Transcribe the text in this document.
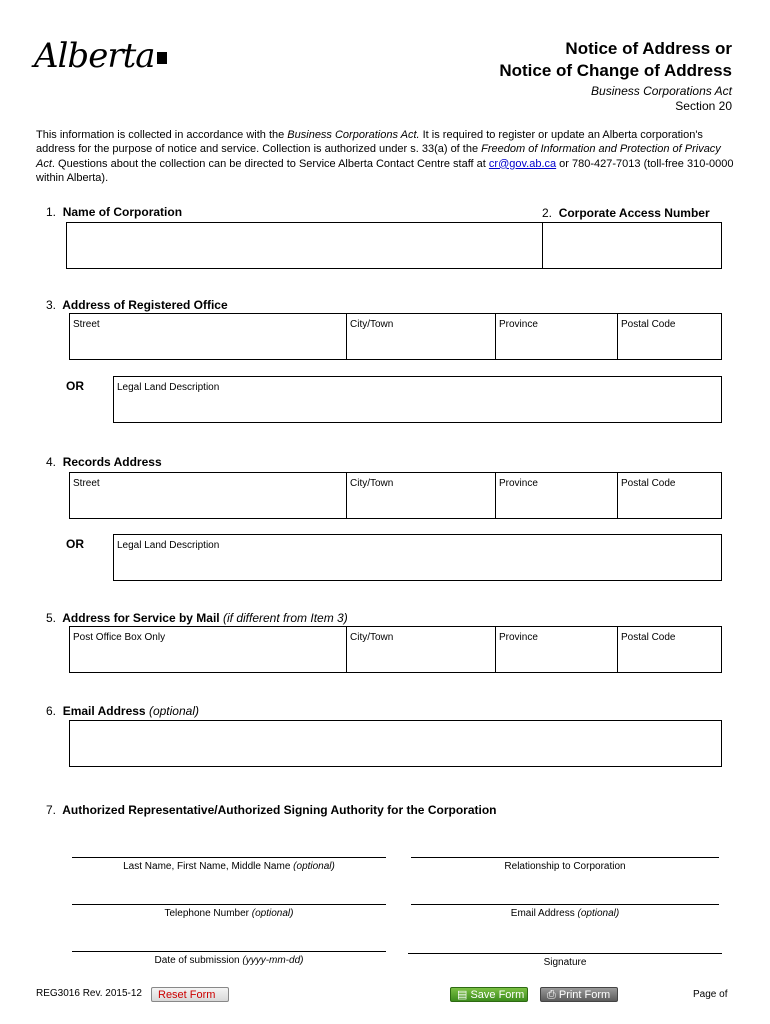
Alberta	Notice of Address or
Notice of Change of Address
Business Corporations Act
Section 20
This information is collected in accordance with the Business Corporations Act. It is required to register or update an Alberta corporation's address for the purpose of notice and service. Collection is authorized under s. 33(a) of the Freedom of Information and Protection of Privacy Act. Questions about the collection can be directed to Service Alberta Contact Centre staff at cr@gov.ab.ca or 780-427-7013 (toll-free 310-0000 within Alberta).
1. Name of Corporation	2. Corporate Access Number
3. Address of Registered Office
Street	City/Town	Province	Postal Code
OR	Legal Land Description
4. Records Address
Street	City/Town	Province	Postal Code
OR	Legal Land Description
5. Address for Service by Mail (if different from Item 3)
Post Office Box Only	City/Town	Province	Postal Code
6. Email Address (optional)
7. Authorized Representative/Authorized Signing Authority for the Corporation
Last Name, First Name, Middle Name (optional)	Relationship to Corporation
Telephone Number (optional)	Email Address (optional)
Date of submission (yyyy-mm-dd)	Signature
REG3016 Rev. 2015-12	Reset Form	▤ Save Form	⎙ Print Form	Page of
